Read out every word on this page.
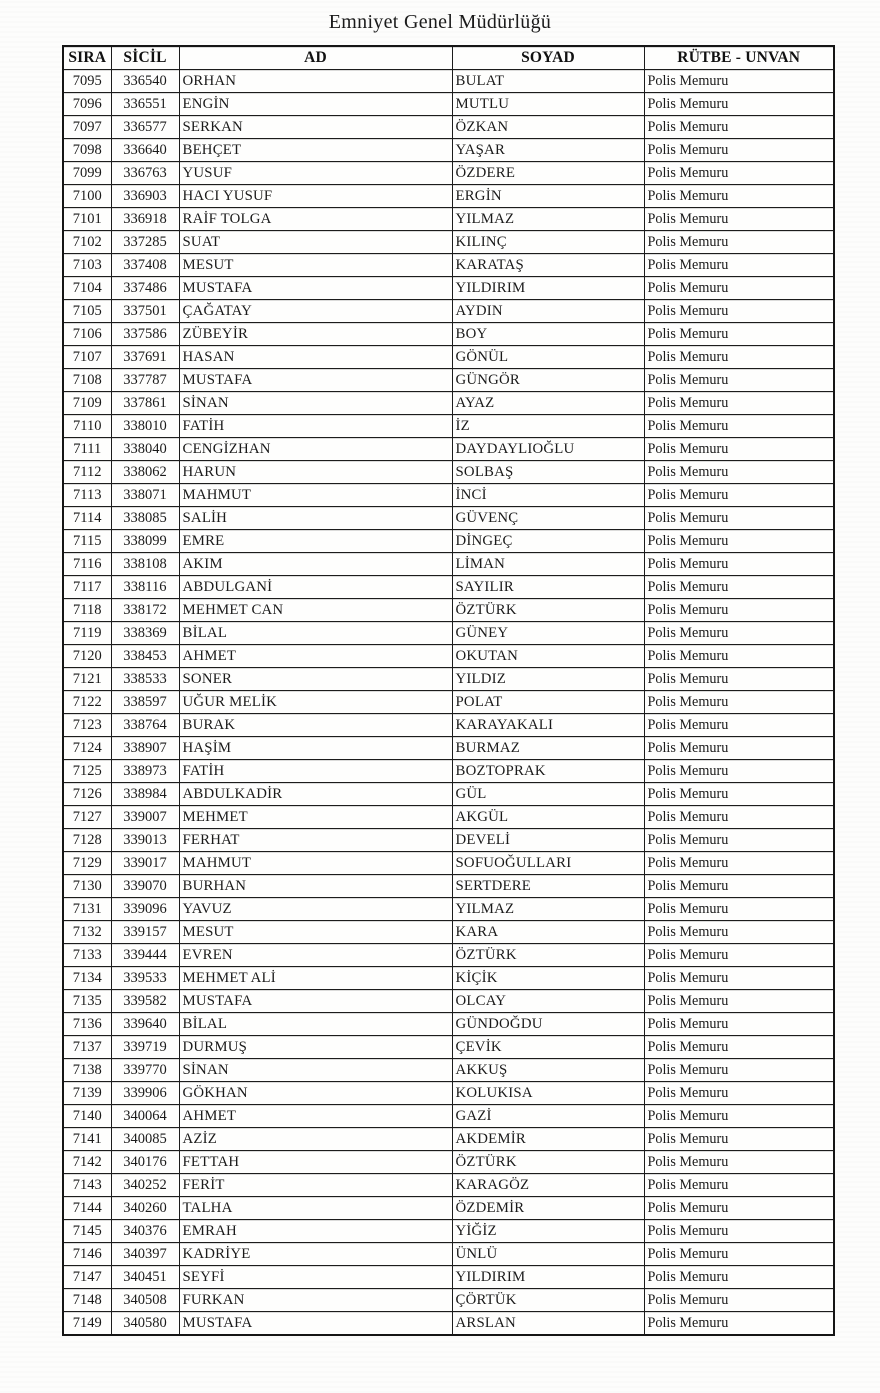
Emniyet Genel Müdürlüğü
SIRA	SİCİL	AD	SOYAD	RÜTBE - UNVAN
7095	336540	ORHAN	BULAT	Polis Memuru
7096	336551	ENGİN	MUTLU	Polis Memuru
7097	336577	SERKAN	ÖZKAN	Polis Memuru
7098	336640	BEHÇET	YAŞAR	Polis Memuru
7099	336763	YUSUF	ÖZDERE	Polis Memuru
7100	336903	HACI YUSUF	ERGİN	Polis Memuru
7101	336918	RAİF TOLGA	YILMAZ	Polis Memuru
7102	337285	SUAT	KILINÇ	Polis Memuru
7103	337408	MESUT	KARATAŞ	Polis Memuru
7104	337486	MUSTAFA	YILDIRIM	Polis Memuru
7105	337501	ÇAĞATAY	AYDIN	Polis Memuru
7106	337586	ZÜBEYİR	BOY	Polis Memuru
7107	337691	HASAN	GÖNÜL	Polis Memuru
7108	337787	MUSTAFA	GÜNGÖR	Polis Memuru
7109	337861	SİNAN	AYAZ	Polis Memuru
7110	338010	FATİH	İZ	Polis Memuru
7111	338040	CENGİZHAN	DAYDAYLIOĞLU	Polis Memuru
7112	338062	HARUN	SOLBAŞ	Polis Memuru
7113	338071	MAHMUT	İNCİ	Polis Memuru
7114	338085	SALİH	GÜVENÇ	Polis Memuru
7115	338099	EMRE	DİNGEÇ	Polis Memuru
7116	338108	AKIM	LİMAN	Polis Memuru
7117	338116	ABDULGANİ	SAYILIR	Polis Memuru
7118	338172	MEHMET CAN	ÖZTÜRK	Polis Memuru
7119	338369	BİLAL	GÜNEY	Polis Memuru
7120	338453	AHMET	OKUTAN	Polis Memuru
7121	338533	SONER	YILDIZ	Polis Memuru
7122	338597	UĞUR MELİK	POLAT	Polis Memuru
7123	338764	BURAK	KARAYAKALI	Polis Memuru
7124	338907	HAŞİM	BURMAZ	Polis Memuru
7125	338973	FATİH	BOZTOPRAK	Polis Memuru
7126	338984	ABDULKADİR	GÜL	Polis Memuru
7127	339007	MEHMET	AKGÜL	Polis Memuru
7128	339013	FERHAT	DEVELİ	Polis Memuru
7129	339017	MAHMUT	SOFUOĞULLARI	Polis Memuru
7130	339070	BURHAN	SERTDERE	Polis Memuru
7131	339096	YAVUZ	YILMAZ	Polis Memuru
7132	339157	MESUT	KARA	Polis Memuru
7133	339444	EVREN	ÖZTÜRK	Polis Memuru
7134	339533	MEHMET ALİ	KİÇİK	Polis Memuru
7135	339582	MUSTAFA	OLCAY	Polis Memuru
7136	339640	BİLAL	GÜNDOĞDU	Polis Memuru
7137	339719	DURMUŞ	ÇEVİK	Polis Memuru
7138	339770	SİNAN	AKKUŞ	Polis Memuru
7139	339906	GÖKHAN	KOLUKISA	Polis Memuru
7140	340064	AHMET	GAZİ	Polis Memuru
7141	340085	AZİZ	AKDEMİR	Polis Memuru
7142	340176	FETTAH	ÖZTÜRK	Polis Memuru
7143	340252	FERİT	KARAGÖZ	Polis Memuru
7144	340260	TALHA	ÖZDEMİR	Polis Memuru
7145	340376	EMRAH	YİĞİZ	Polis Memuru
7146	340397	KADRİYE	ÜNLÜ	Polis Memuru
7147	340451	SEYFİ	YILDIRIM	Polis Memuru
7148	340508	FURKAN	ÇÖRTÜK	Polis Memuru
7149	340580	MUSTAFA	ARSLAN	Polis Memuru
